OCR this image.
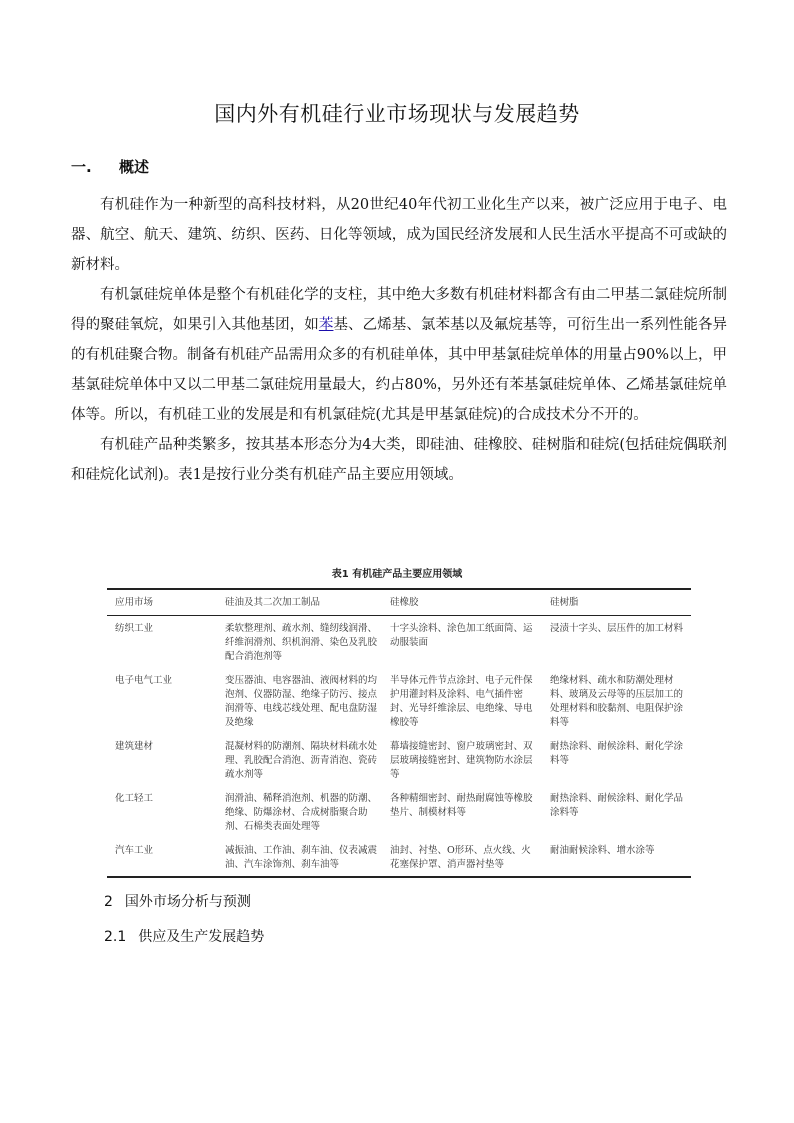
国内外有机硅行业市场现状与发展趋势
一. 概述

有机硅作为一种新型的高科技材料，从20世纪40年代初工业化生产以来，被广泛应用于电子、电器、航空、航天、建筑、纺织、医药、日化等领域，成为国民经济发展和人民生活水平提高不可或缺的新材料。

有机氯硅烷单体是整个有机硅化学的支柱，其中绝大多数有机硅材料都含有由二甲基二氯硅烷所制得的聚硅氧烷，如果引入其他基团，如苯基、乙烯基、氯苯基以及氟烷基等，可衍生出一系列性能各异的有机硅聚合物。制备有机硅产品需用众多的有机硅单体，其中甲基氯硅烷单体的用量占90%以上，甲基氯硅烷单体中又以二甲基二氯硅烷用量最大，约占80%，另外还有苯基氯硅烷单体、乙烯基氯硅烷单体等。所以，有机硅工业的发展是和有机氯硅烷(尤其是甲基氯硅烷)的合成技术分不开的。

有机硅产品种类繁多，按其基本形态分为4大类，即硅油、硅橡胶、硅树脂和硅烷(包括硅烷偶联剂和硅烷化试剂)。表1是按行业分类有机硅产品主要应用领域。

表1 有机硅产品主要应用领域
应用市场	硅油及其二次加工制品	硅橡胶	硅树脂
纺织工业	柔软整理剂、疏水剂、缝纫线润滑、纤维润滑剂、织机润滑、染色及乳胶配合消泡剂等	十字头涂料、涂色加工纸面筒、运动服装面	浸渍十字头、层压件的加工材料
电子电气工业	变压器油、电容器油、液阀材料的均泡剂、仪器防湿、绝缘子防污、接点润滑等、电线芯线处理、配电盘防湿及绝缘	半导体元件节点涂封、电子元件保护用灌封料及涂料、电气插件密封、光导纤维涂层、电绝缘、导电橡胶等	绝缘材料、疏水和防潮处理材料、玻璃及云母等的压层加工的处理材料和胶黏剂、电阻保护涂料等
建筑建材	混凝材料的防潮剂、隔块材料疏水处理、乳胶配合消泡、沥青消泡、瓷砖疏水剂等	幕墙接缝密封、窗户玻璃密封、双层玻璃接缝密封、建筑物防水涂层等	耐热涂料、耐候涂料、耐化学涂料等
化工轻工	润滑油、稀释消泡剂、机器的防潮、绝缘、防爆涂材、合成树脂聚合助剂、石棉类表面处理等	各种精细密封、耐热耐腐蚀等橡胶垫片、制模材料等	耐热涂料、耐候涂料、耐化学品涂料等
汽车工业	减振油、工作油、刹车油、仪表减震油、汽车涂饰剂、刹车油等	油封、衬垫、O形环、点火线、火花塞保护罩、消声器衬垫等	耐油耐候涂料、增水涂等
2 国外市场分析与预测
2.1 供应及生产发展趋势
